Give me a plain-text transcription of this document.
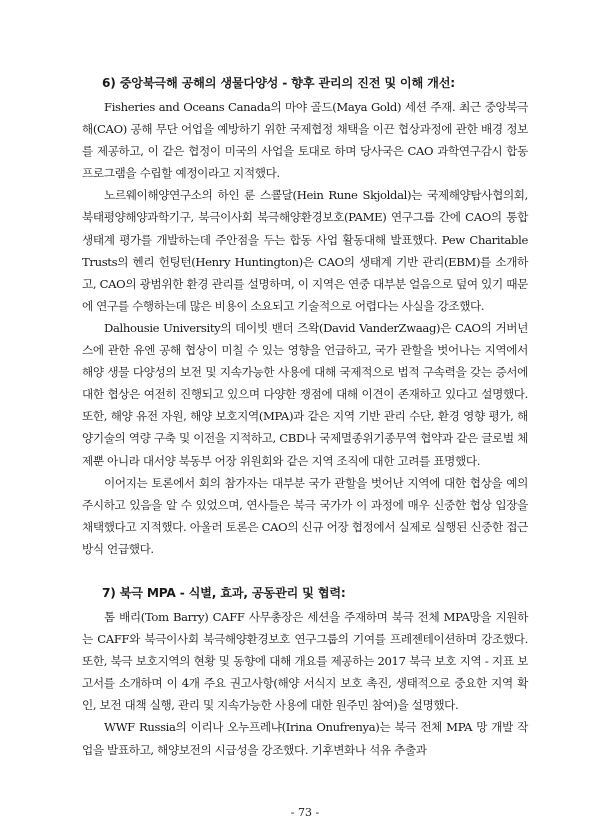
6) 중앙북극해 공해의 생물다양성 - 향후 관리의 진전 및 이해 개선:

Fisheries and Oceans Canada의 마야 골드(Maya Gold) 세션 주재. 최근 중앙북극해(CAO) 공해 무단 어업을 예방하기 위한 국제협정 채택을 이끈 협상과정에 관한 배경 정보를 제공하고, 이 같은 협정이 미국의 사업을 토대로 하며 당사국은 CAO 과학연구감시 합동 프로그램을 수립할 예정이라고 지적했다.

노르웨이해양연구소의 하인 룬 스쿌달(Hein Rune Skjoldal)는 국제해양탐사협의회, 북태평양해양과학기구, 북극이사회 북극해양환경보호(PAME) 연구그룹 간에 CAO의 통합 생태계 평가를 개발하는데 주안점을 두는 합동 사업 활동대해 발표했다. Pew Charitable Trusts의 헨리 헌팅턴(Henry Huntington)은 CAO의 생태계 기반 관리(EBM)를 소개하고, CAO의 광범위한 환경 관리를 설명하며, 이 지역은 연중 대부분 얼음으로 덮여 있기 때문에 연구를 수행하는데 많은 비용이 소요되고 기술적으로 어렵다는 사실을 강조했다.

Dalhousie University의 데이빗 밴더 즈왁(David VanderZwaag)은 CAO의 거버넌스에 관한 유엔 공해 협상이 미칠 수 있는 영향을 언급하고, 국가 관할을 벗어나는 지역에서 해양 생물 다양성의 보전 및 지속가능한 사용에 대해 국제적으로 법적 구속력을 갖는 증서에 대한 협상은 여전히 진행되고 있으며 다양한 쟁점에 대해 이견이 존재하고 있다고 설명했다. 또한, 해양 유전 자원, 해양 보호지역(MPA)과 같은 지역 기반 관리 수단, 환경 영향 평가, 해양기술의 역량 구축 및 이전을 지적하고, CBD나 국제멸종위기종무역 협약과 같은 글로벌 체제뿐 아니라 대서양 북동부 어장 위원회와 같은 지역 조직에 대한 고려를 표명했다.

이어지는 토론에서 회의 참가자는 대부분 국가 관할을 벗어난 지역에 대한 협상을 예의주시하고 있음을 알 수 있었으며, 연사들은 북극 국가가 이 과정에 매우 신중한 협상 입장을 채택했다고 지적했다. 아울러 토론은 CAO의 신규 어장 협정에서 실제로 실행된 신중한 접근방식 언급했다.

7) 북극 MPA - 식별, 효과, 공동관리 및 협력:

톰 배리(Tom Barry) CAFF 사무총장은 세션을 주재하며 북극 전체 MPA망을 지원하는 CAFF와 북극이사회 북극해양환경보호 연구그룹의 기여를 프레젠테이션하며 강조했다. 또한, 북극 보호지역의 현황 및 동향에 대해 개요를 제공하는 2017 북극 보호 지역 - 지표 보고서를 소개하며 이 4개 주요 권고사항(해양 서식지 보호 촉진, 생태적으로 중요한 지역 확인, 보전 대책 실행, 관리 및 지속가능한 사용에 대한 원주민 참여)을 설명했다.

WWF Russia의 이리나 오누프레냐(Irina Onufrenya)는 북극 전체 MPA 망 개발 작업을 발표하고, 해양보전의 시급성을 강조했다. 기후변화나 석유 추출과

- 73 -
